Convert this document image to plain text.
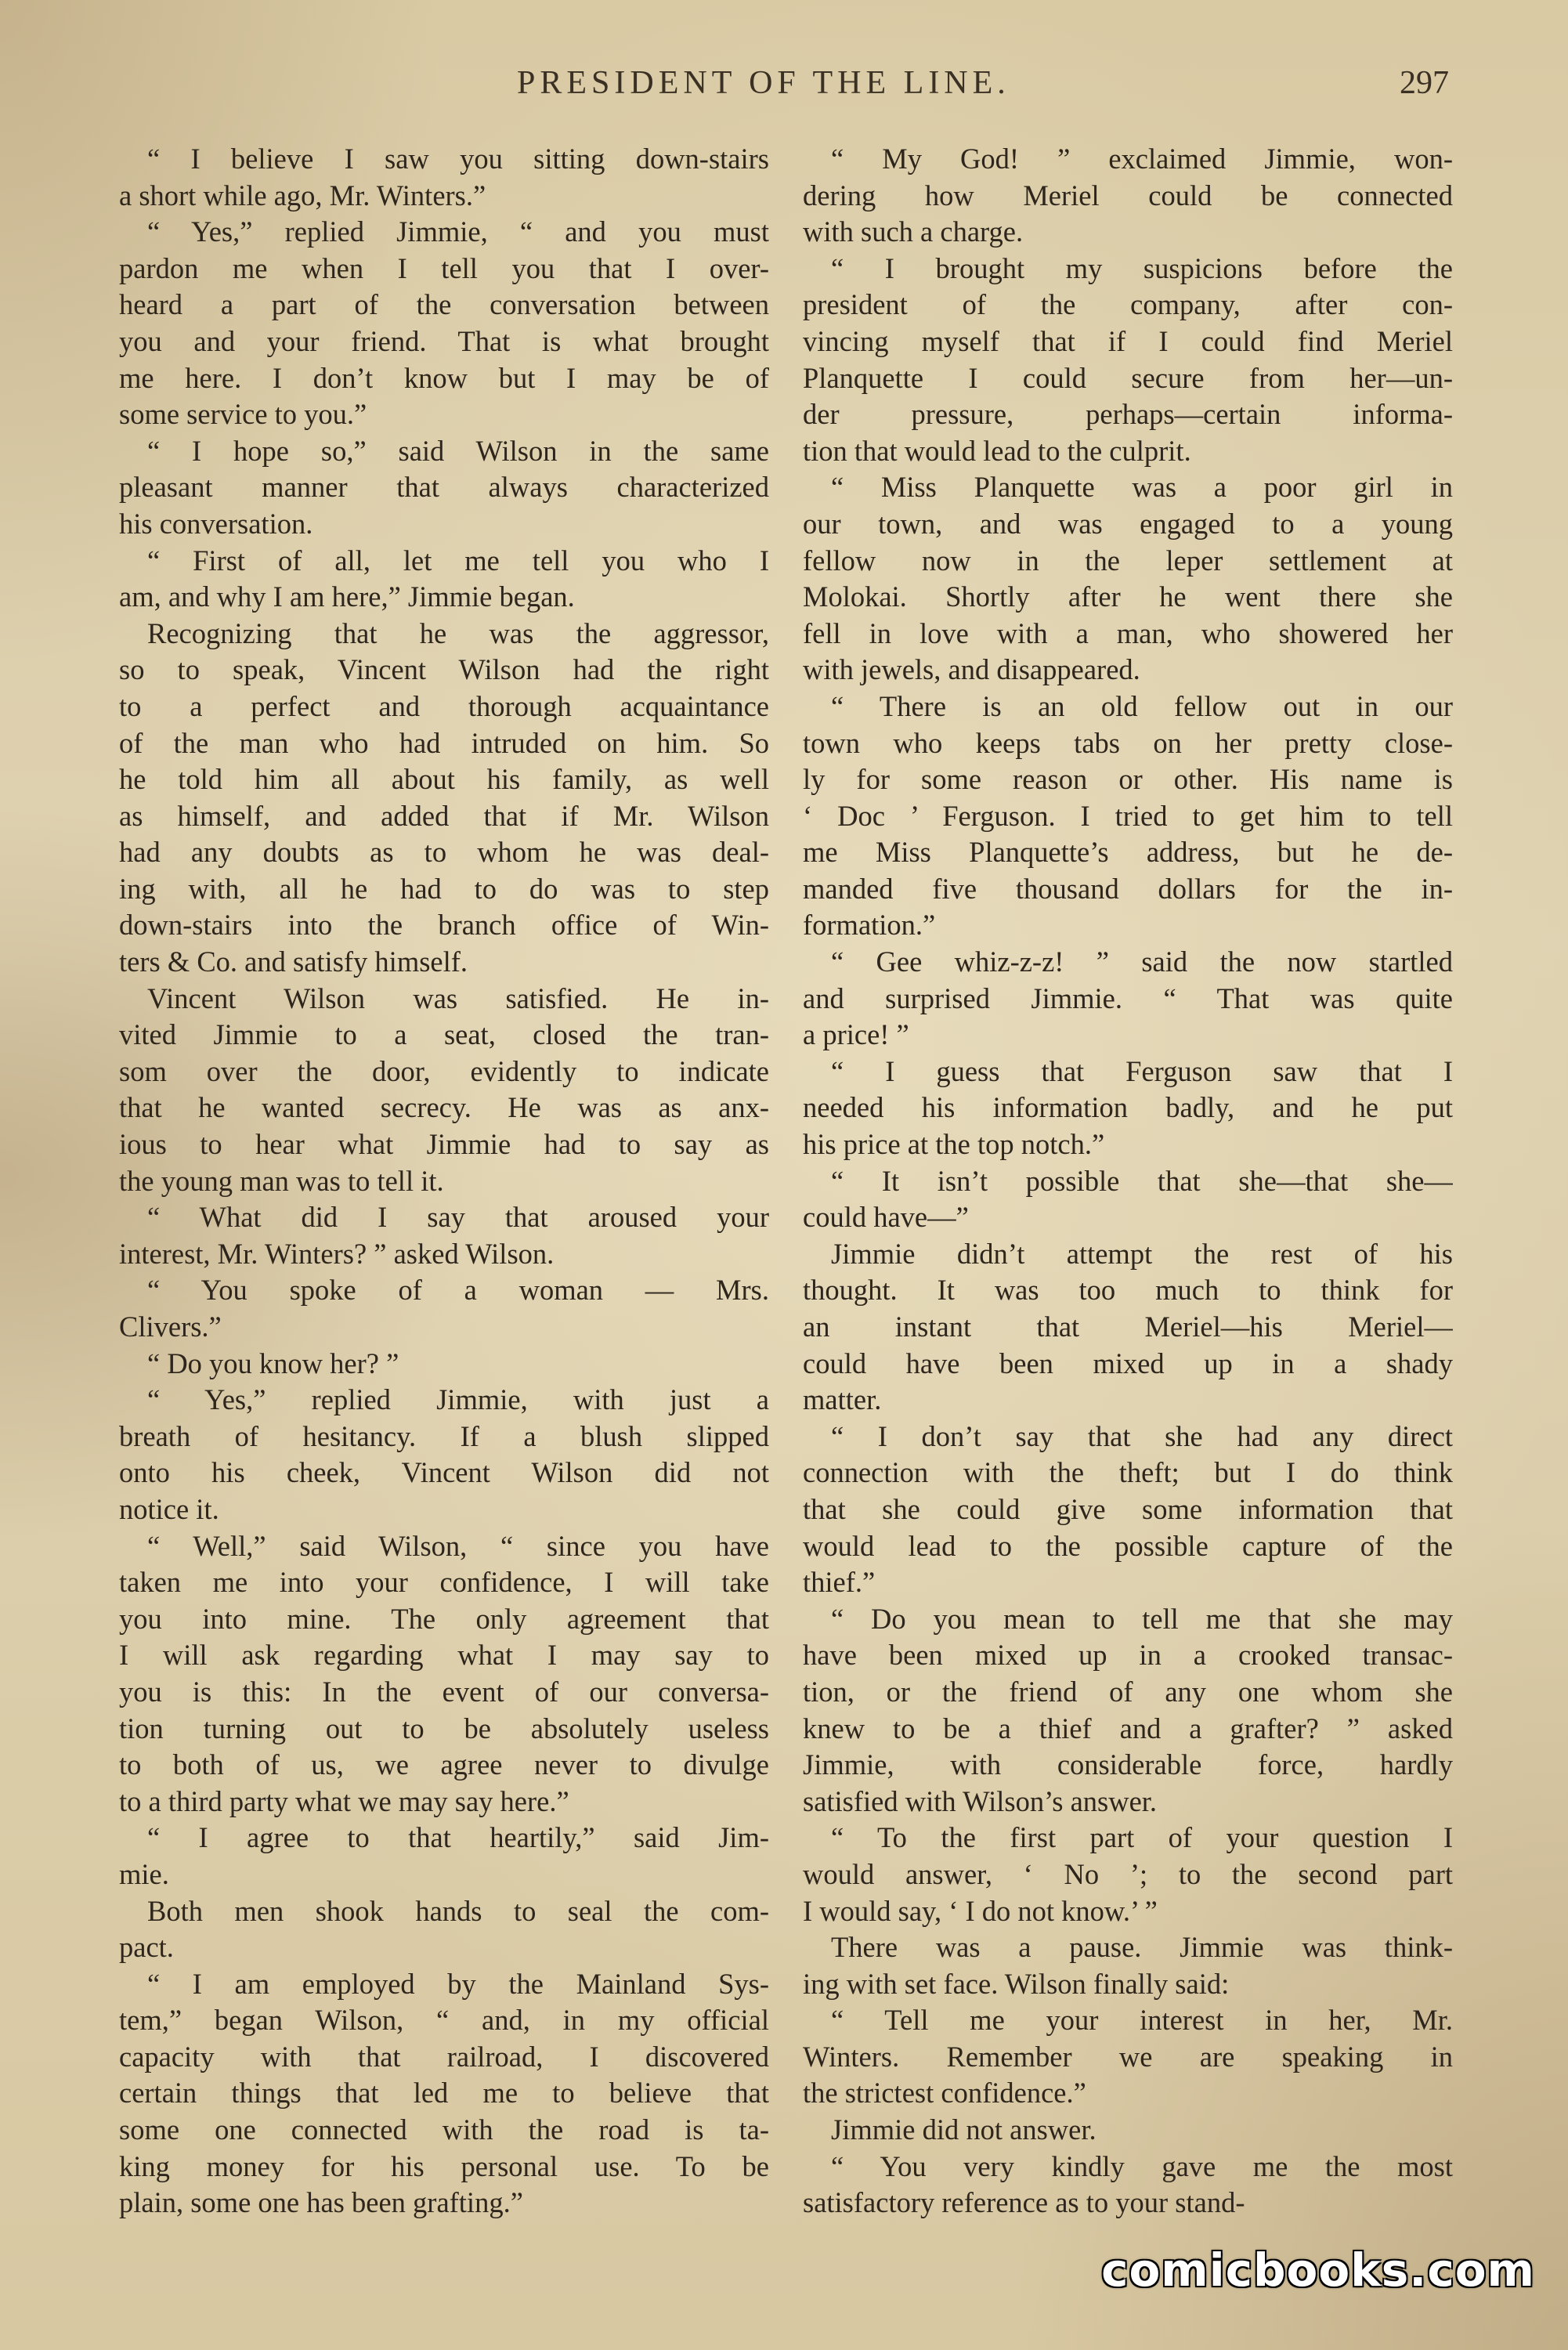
PRESIDENT OF THE LINE.	297
“ I believe I saw you sitting down-stairs
a short while ago, Mr. Winters.”
“ Yes,” replied Jimmie, “ and you must
pardon me when I tell you that I over-
heard a part of the conversation between
you and your friend. That is what brought
me here. I don’t know but I may be of
some service to you.”
“ I hope so,” said Wilson in the same
pleasant manner that always characterized
his conversation.
“ First of all, let me tell you who I
am, and why I am here,” Jimmie began.
Recognizing that he was the aggressor,
so to speak, Vincent Wilson had the right
to a perfect and thorough acquaintance
of the man who had intruded on him. So
he told him all about his family, as well
as himself, and added that if Mr. Wilson
had any doubts as to whom he was deal-
ing with, all he had to do was to step
down-stairs into the branch office of Win-
ters & Co. and satisfy himself.
Vincent Wilson was satisfied. He in-
vited Jimmie to a seat, closed the tran-
som over the door, evidently to indicate
that he wanted secrecy. He was as anx-
ious to hear what Jimmie had to say as
the young man was to tell it.
“ What did I say that aroused your
interest, Mr. Winters? ” asked Wilson.
“ You spoke of a woman — Mrs.
Clivers.”
“ Do you know her? ”
“ Yes,” replied Jimmie, with just a
breath of hesitancy. If a blush slipped
onto his cheek, Vincent Wilson did not
notice it.
“ Well,” said Wilson, “ since you have
taken me into your confidence, I will take
you into mine. The only agreement that
I will ask regarding what I may say to
you is this: In the event of our conversa-
tion turning out to be absolutely useless
to both of us, we agree never to divulge
to a third party what we may say here.”
“ I agree to that heartily,” said Jim-
mie.
Both men shook hands to seal the com-
pact.
“ I am employed by the Mainland Sys-
tem,” began Wilson, “ and, in my official
capacity with that railroad, I discovered
certain things that led me to believe that
some one connected with the road is ta-
king money for his personal use. To be
plain, some one has been grafting.”
“ My God! ” exclaimed Jimmie, won-
dering how Meriel could be connected
with such a charge.
“ I brought my suspicions before the
president of the company, after con-
vincing myself that if I could find Meriel
Planquette I could secure from her—un-
der pressure, perhaps—certain informa-
tion that would lead to the culprit.
“ Miss Planquette was a poor girl in
our town, and was engaged to a young
fellow now in the leper settlement at
Molokai. Shortly after he went there she
fell in love with a man, who showered her
with jewels, and disappeared.
“ There is an old fellow out in our
town who keeps tabs on her pretty close-
ly for some reason or other. His name is
‘ Doc ’ Ferguson. I tried to get him to tell
me Miss Planquette’s address, but he de-
manded five thousand dollars for the in-
formation.”
“ Gee whiz-z-z! ” said the now startled
and surprised Jimmie. “ That was quite
a price! ”
“ I guess that Ferguson saw that I
needed his information badly, and he put
his price at the top notch.”
“ It isn’t possible that she—that she—
could have—”
Jimmie didn’t attempt the rest of his
thought. It was too much to think for
an instant that Meriel—his Meriel—
could have been mixed up in a shady
matter.
“ I don’t say that she had any direct
connection with the theft; but I do think
that she could give some information that
would lead to the possible capture of the
thief.”
“ Do you mean to tell me that she may
have been mixed up in a crooked transac-
tion, or the friend of any one whom she
knew to be a thief and a grafter? ” asked
Jimmie, with considerable force, hardly
satisfied with Wilson’s answer.
“ To the first part of your question I
would answer, ‘ No ’; to the second part
I would say, ‘ I do not know.’ ”
There was a pause. Jimmie was think-
ing with set face. Wilson finally said:
“ Tell me your interest in her, Mr.
Winters. Remember we are speaking in
the strictest confidence.”
Jimmie did not answer.
“ You very kindly gave me the most
satisfactory reference as to your stand-
comicbooks.com
